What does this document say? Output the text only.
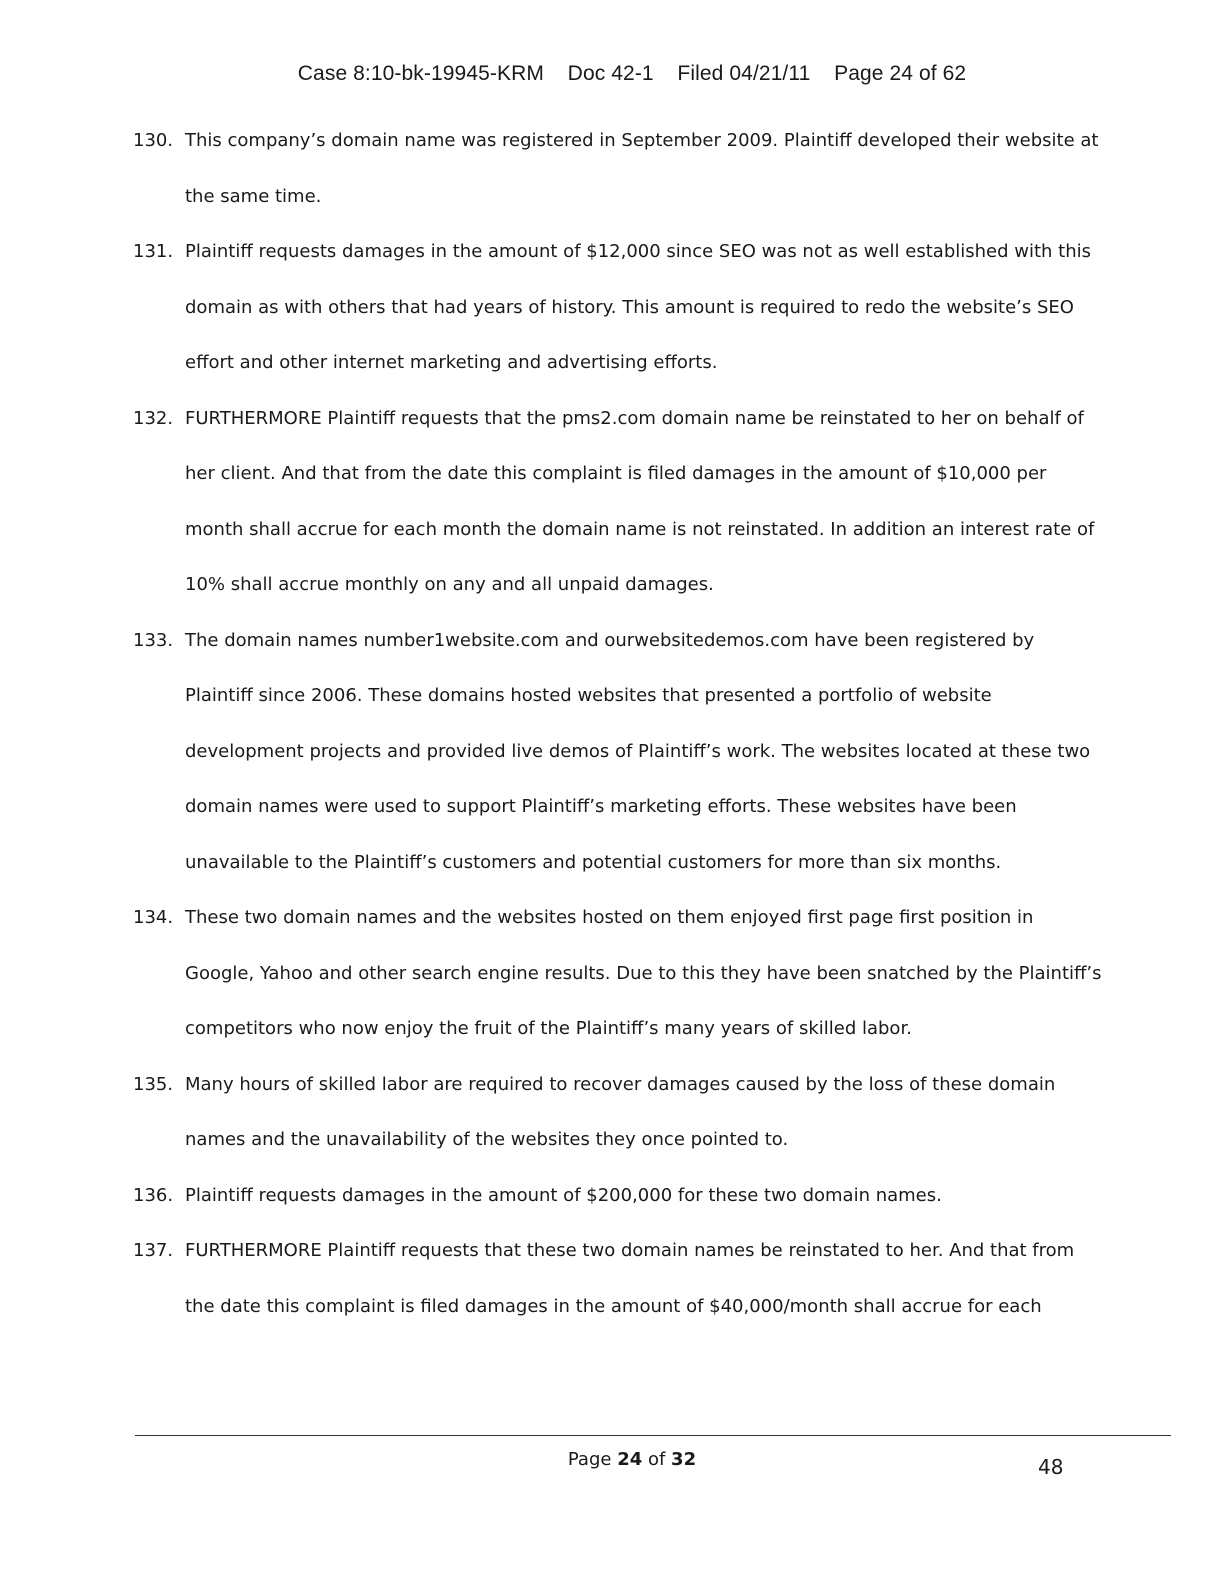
Case 8:10-bk-19945-KRM    Doc 42-1    Filed 04/21/11    Page 24 of 62
130. This company’s domain name was registered in September 2009. Plaintiff developed their website at
the same time.
131. Plaintiff requests damages in the amount of $12,000 since SEO was not as well established with this
domain as with others that had years of history. This amount is required to redo the website’s SEO
effort and other internet marketing and advertising efforts.
132. FURTHERMORE Plaintiff requests that the pms2.com domain name be reinstated to her on behalf of
her client. And that from the date this complaint is filed damages in the amount of $10,000 per
month shall accrue for each month the domain name is not reinstated. In addition an interest rate of
10% shall accrue monthly on any and all unpaid damages.
133. The domain names number1website.com and ourwebsitedemos.com have been registered by
Plaintiff since 2006. These domains hosted websites that presented a portfolio of website
development projects and provided live demos of Plaintiff’s work. The websites located at these two
domain names were used to support Plaintiff’s marketing efforts. These websites have been
unavailable to the Plaintiff’s customers and potential customers for more than six months.
134. These two domain names and the websites hosted on them enjoyed first page first position in
Google, Yahoo and other search engine results. Due to this they have been snatched by the Plaintiff’s
competitors who now enjoy the fruit of the Plaintiff’s many years of skilled labor.
135. Many hours of skilled labor are required to recover damages caused by the loss of these domain
names and the unavailability of the websites they once pointed to.
136. Plaintiff requests damages in the amount of $200,000 for these two domain names.
137. FURTHERMORE Plaintiff requests that these two domain names be reinstated to her. And that from
the date this complaint is filed damages in the amount of $40,000/month shall accrue for each
Page 24 of 32	48
